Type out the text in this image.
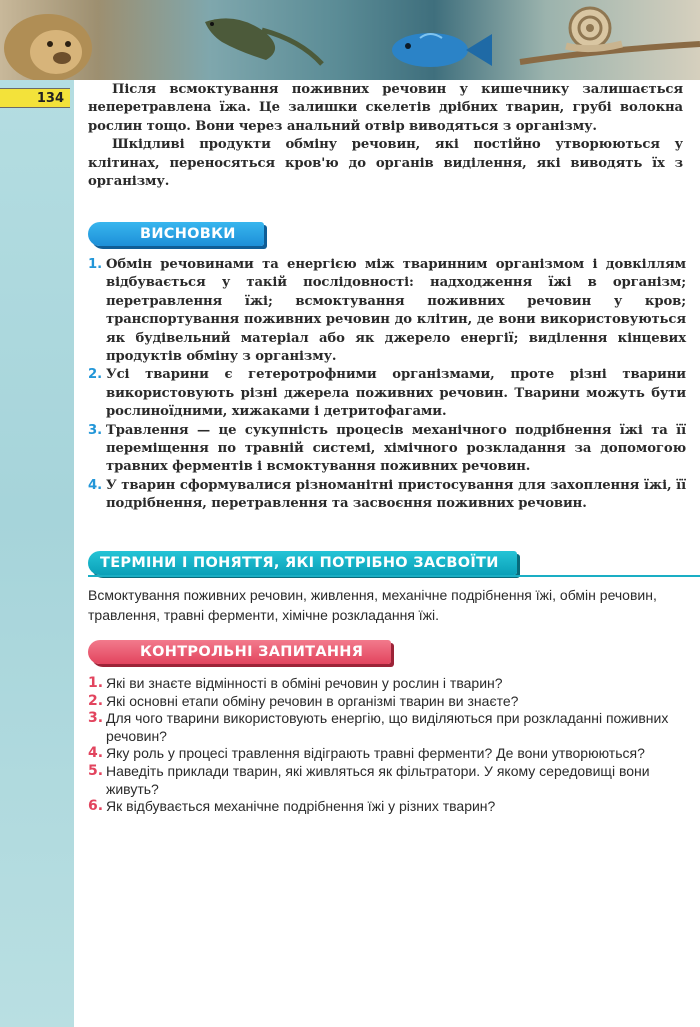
134

Після всмоктування поживних речовин у кишечнику залишається неперетравлена їжа. Це залишки скелетів дрібних тварин, грубі волокна рослин тощо. Вони через анальний отвір виводяться з організму.

Шкідливі продукти обміну речовин, які постійно утворюються у клітинах, переносяться кров'ю до органів виділення, які виводять їх з організму.

ВИСНОВКИ
1. Обмін речовинами та енергією між тваринним організмом і довкіллям відбувається у такій послідовності: надходження їжі в організм; перетравлення їжі; всмоктування поживних речовин у кров; транспортування поживних речовин до клітин, де вони використовуються як будівельний матеріал або як джерело енергії; виділення кінцевих продуктів обміну з організму.
2. Усі тварини є гетеротрофними організмами, проте різні тварини використовують різні джерела поживних речовин. Тварини можуть бути рослиноїдними, хижаками і детритофагами.
3. Травлення — це сукупність процесів механічного подрібнення їжі та її переміщення по травній системі, хімічного розкладання за допомогою травних ферментів і всмоктування поживних речовин.
4. У тварин сформувалися різноманітні пристосування для захоплення їжі, її подрібнення, перетравлення та засвоєння поживних речовин.
ТЕРМІНИ І ПОНЯТТЯ, ЯКІ ПОТРІБНО ЗАСВОЇТИ

Всмоктування поживних речовин, живлення, механічне подрібнення їжі, обмін речовин, травлення, травні ферменти, хімічне розкладання їжі.

КОНТРОЛЬНІ ЗАПИТАННЯ
1. Які ви знаєте відмінності в обміні речовин у рослин і тварин?
2. Які основні етапи обміну речовин в організмі тварин ви знаєте?
3. Для чого тварини використовують енергію, що виділяються при розкладанні поживних речовин?
4. Яку роль у процесі травлення відіграють травні ферменти? Де вони утворюються?
5. Наведіть приклади тварин, які живляться як фільтратори. У якому середовищі вони живуть?
6. Як відбувається механічне подрібнення їжі у різних тварин?
